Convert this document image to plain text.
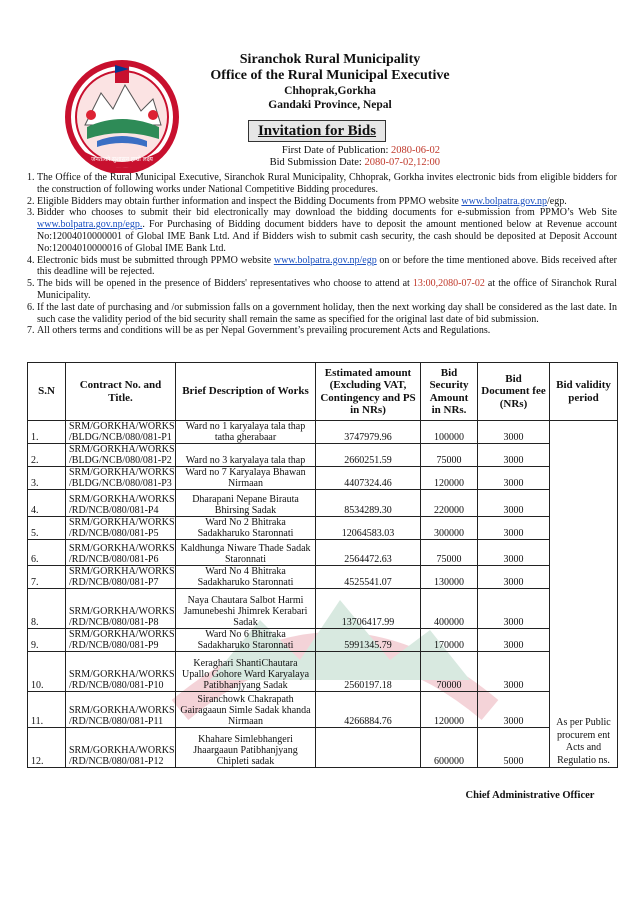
जनताको सुशासन हाम्रो लक्ष्य
Siranchok Rural Municipality
Office of the Rural Municipal Executive
Chhoprak,Gorkha
Gandaki Province, Nepal
Invitation for Bids
First Date of Publication: 2080-06-02
Bid Submission Date: 2080-07-02,12:00

1. The Office of the Rural Municipal Executive, Siranchok Rural Municipality, Chhoprak, Gorkha invites electronic bids from eligible bidders for the construction of following works under National Competitive Bidding procedures.

2. Eligible Bidders may obtain further information and inspect the Bidding Documents from PPMO website www.bolpatra.gov.np/egp.

3. Bidder who chooses to submit their bid electronically may download the bidding documents for e-submission from PPMO’s Web Site www.bolpatra.gov.np/egp.. For Purchasing of Bidding document bidders have to deposit the amount mentioned below at Revenue account No:12004010000001 of Global IME Bank Ltd. And if Bidders wish to submit cash security, the cash should be deposited at Deposit Account No:12004010000016 of Global IME Bank Ltd.

4. Electronic bids must be submitted through PPMO website www.bolpatra.gov.np/egp on or before the time mentioned above. Bids received after this deadline will be rejected.

5. The bids will be opened in the presence of Bidders' representatives who choose to attend at 13:00,2080-07-02 at the office of Siranchok Rural Municipality.

6. If the last date of purchasing and /or submission falls on a government holiday, then the next working day shall be considered as the last date. In such case the validity period of the bid security shall remain the same as specified for the original last date of bid submission.

7. All others terms and conditions will be as per Nepal Government’s prevailing procurement Acts and Regulations.

S.N	Contract No. and Title.	Brief Description of Works	Estimated amount (Excluding VAT, Contingency and PS in NRs)	Bid Security Amount in NRs.	Bid Document fee (NRs)	Bid validity period
1.	SRM/GORKHA/WORKS
/BLDG/NCB/080/081-P1	Ward no 1 karyalaya tala thap tatha gherabaar	3747979.96	100000	3000	As per Public procurem ent Acts and Regulatio ns.
2.	SRM/GORKHA/WORKS
/BLDG/NCB/080/081-P2	Ward no 3 karyalaya tala thap	2660251.59	75000	3000	
3.	SRM/GORKHA/WORKS
/BLDG/NCB/080/081-P3	Ward no 7 Karyalaya Bhawan Nirmaan	4407324.46	120000	3000	
4.	SRM/GORKHA/WORKS
/RD/NCB/080/081-P4	Dharapani Nepane Birauta Bhirsing Sadak	8534289.30	220000	3000	
5.	SRM/GORKHA/WORKS
/RD/NCB/080/081-P5	Ward No 2 Bhitraka Sadakharuko Staronnati	12064583.03	300000	3000	
6.	SRM/GORKHA/WORKS
/RD/NCB/080/081-P6	Kaldhunga Niware Thade Sadak Staronnati	2564472.63	75000	3000	
7.	SRM/GORKHA/WORKS
/RD/NCB/080/081-P7	Ward No 4 Bhitraka Sadakharuko Staronnati	4525541.07	130000	3000	
8.	SRM/GORKHA/WORKS
/RD/NCB/080/081-P8	Naya Chautara Salbot Harmi Jamunebeshi Jhimrek Kerabari Sadak	13706417.99	400000	3000	
9.	SRM/GORKHA/WORKS
/RD/NCB/080/081-P9	Ward No 6 Bhitraka Sadakharuko Staronnati	5991345.79	170000	3000	
10.	SRM/GORKHA/WORKS
/RD/NCB/080/081-P10	Keraghari ShantiChautara Upallo Gohore Ward Karyalaya Patibhanjyang Sadak	2560197.18	70000	3000	
11.	SRM/GORKHA/WORKS
/RD/NCB/080/081-P11	Siranchowk Chakrapath Gairagaaun Simle Sadak khanda Nirmaan	4266884.76	120000	3000	
12.	SRM/GORKHA/WORKS
/RD/NCB/080/081-P12	Khahare Simlebhangeri Jhaargaaun Patibhanjyang Chipleti sadak		600000	5000	
Chief Administrative Officer
